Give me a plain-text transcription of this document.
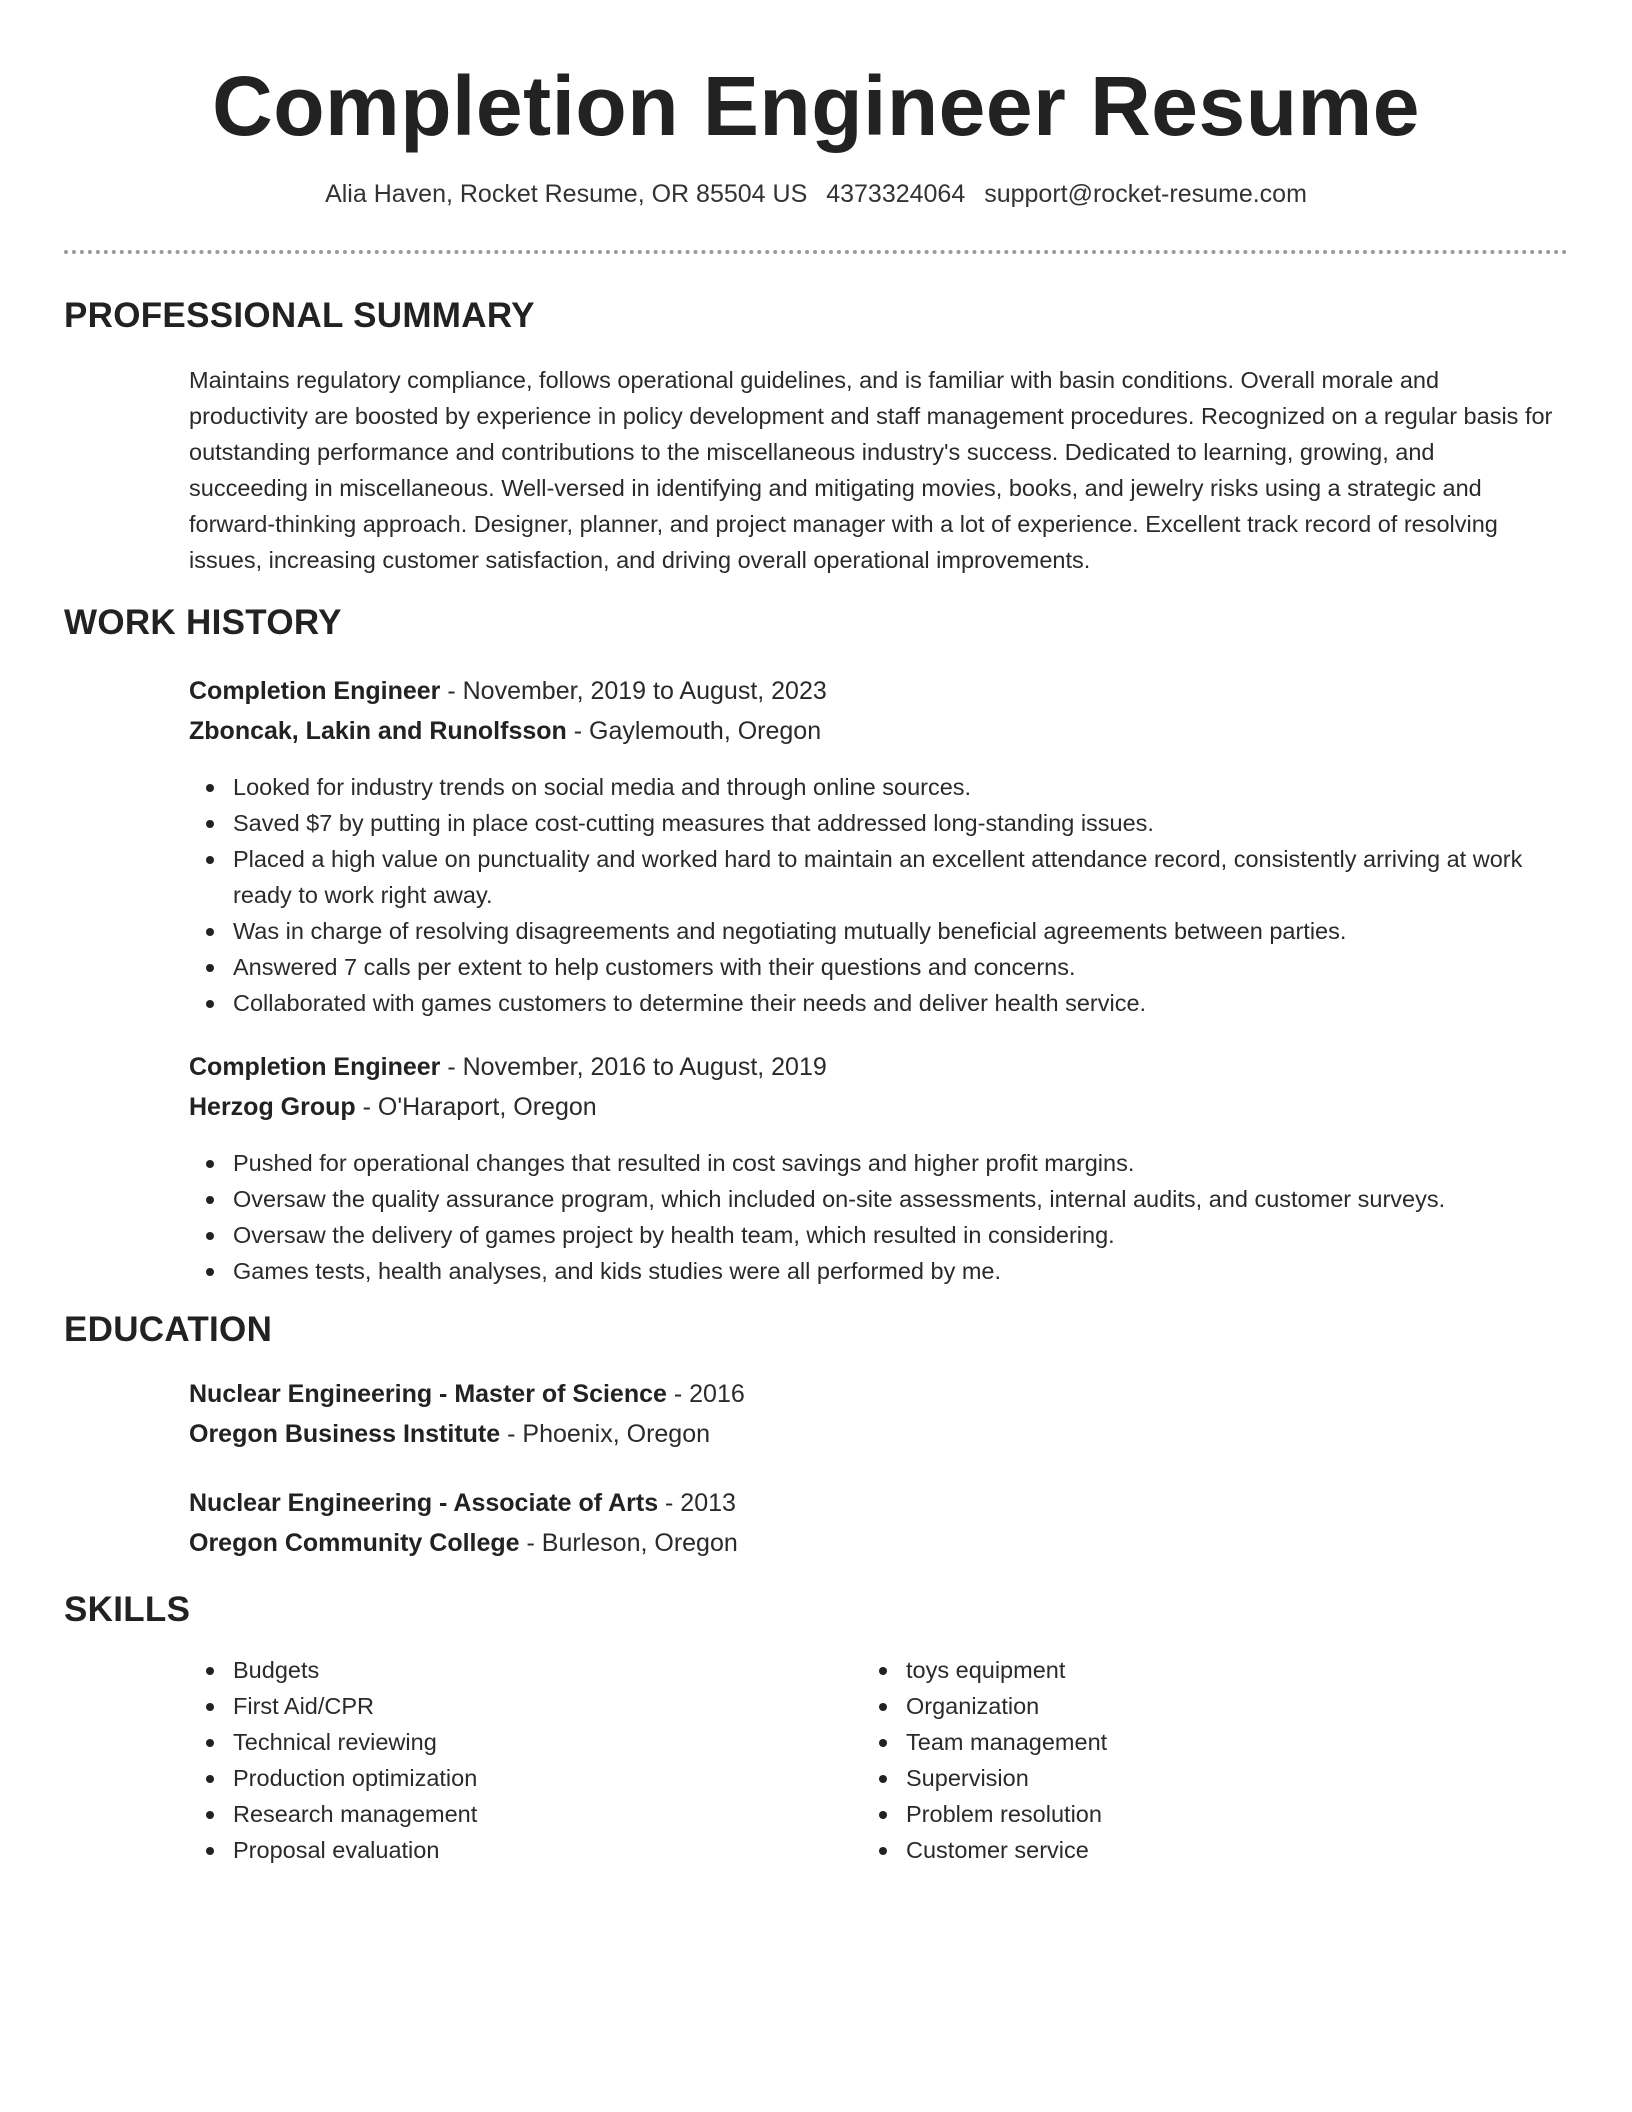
Completion Engineer Resume
Alia Haven, Rocket Resume, OR 85504 US 4373324064 support@rocket-resume.com
PROFESSIONAL SUMMARY
Maintains regulatory compliance, follows operational guidelines, and is familiar with basin conditions. Overall morale and productivity are boosted by experience in policy development and staff management procedures. Recognized on a regular basis for outstanding performance and contributions to the miscellaneous industry's success. Dedicated to learning, growing, and succeeding in miscellaneous. Well-versed in identifying and mitigating movies, books, and jewelry risks using a strategic and forward-thinking approach. Designer, planner, and project manager with a lot of experience. Excellent track record of resolving issues, increasing customer satisfaction, and driving overall operational improvements.
WORK HISTORY
Completion Engineer - November, 2019 to August, 2023
Zboncak, Lakin and Runolfsson - Gaylemouth, Oregon
Looked for industry trends on social media and through online sources.
Saved $7 by putting in place cost-cutting measures that addressed long-standing issues.
Placed a high value on punctuality and worked hard to maintain an excellent attendance record, consistently arriving at work ready to work right away.
Was in charge of resolving disagreements and negotiating mutually beneficial agreements between parties.
Answered 7 calls per extent to help customers with their questions and concerns.
Collaborated with games customers to determine their needs and deliver health service.
Completion Engineer - November, 2016 to August, 2019
Herzog Group - O'Haraport, Oregon
Pushed for operational changes that resulted in cost savings and higher profit margins.
Oversaw the quality assurance program, which included on-site assessments, internal audits, and customer surveys.
Oversaw the delivery of games project by health team, which resulted in considering.
Games tests, health analyses, and kids studies were all performed by me.
EDUCATION
Nuclear Engineering - Master of Science - 2016
Oregon Business Institute - Phoenix, Oregon
Nuclear Engineering - Associate of Arts - 2013
Oregon Community College - Burleson, Oregon
SKILLS
Budgets
First Aid/CPR
Technical reviewing
Production optimization
Research management
Proposal evaluation
toys equipment
Organization
Team management
Supervision
Problem resolution
Customer service
